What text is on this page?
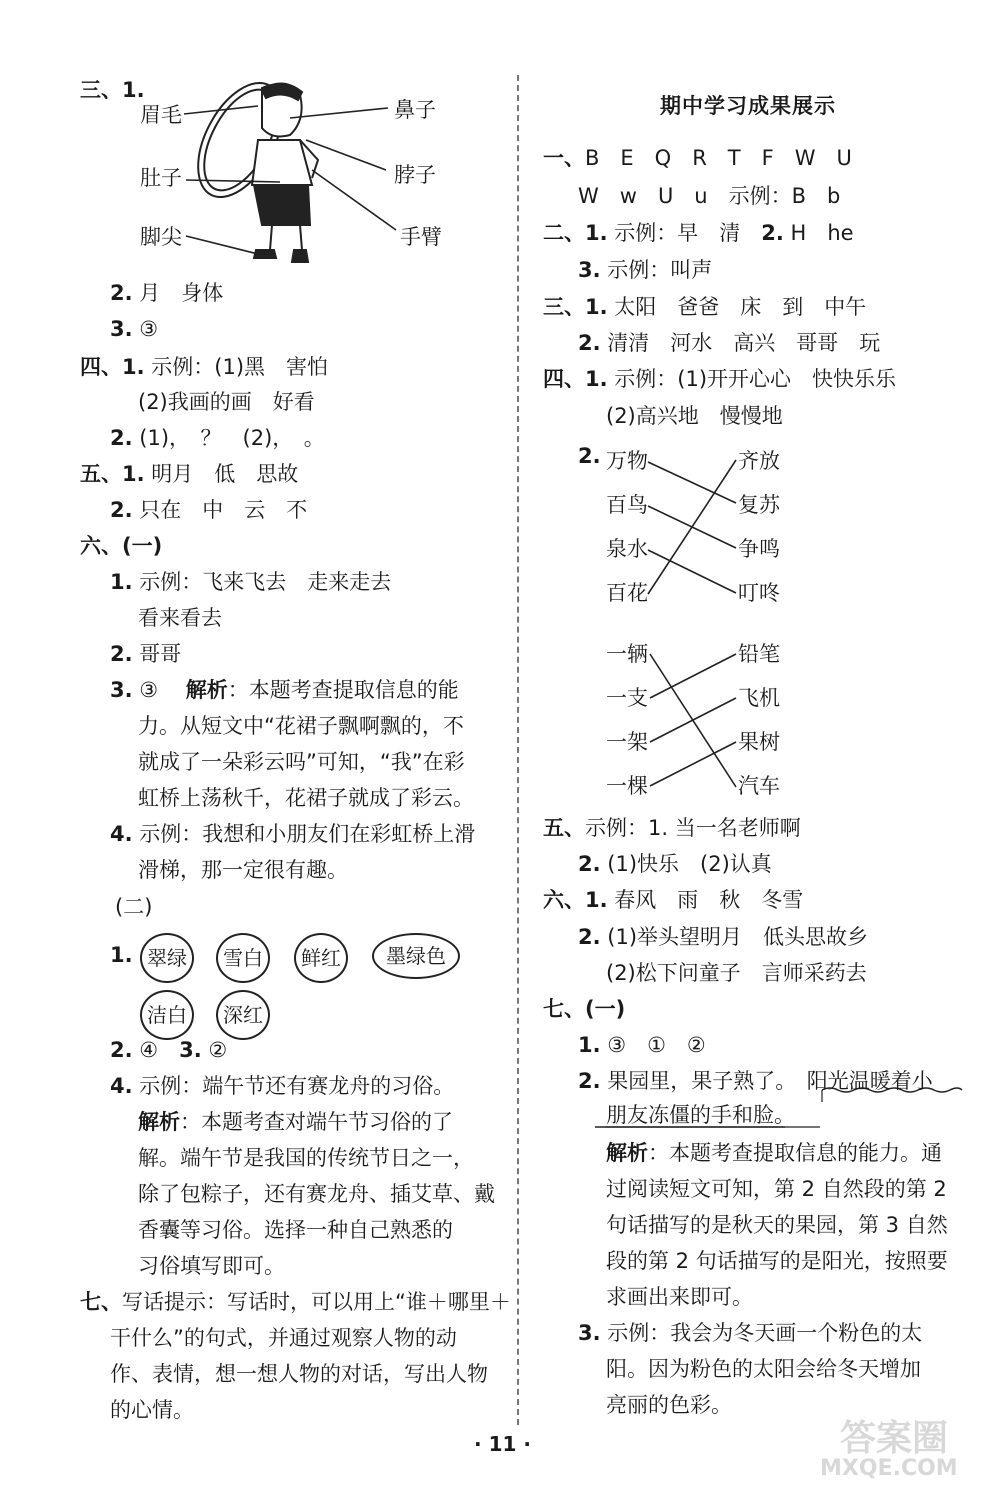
三、1.
眉毛	鼻子
肚子	脖子
脚尖	手臂
2. 月　身体
3. ③
四、1. 示例：(1)黑　害怕
(2)我画的画　好看
2. (1)，　？　(2)，　。
五、1. 明月　低　思故
2. 只在　中　云　不
六、(一)
1. 示例：飞来飞去　走来走去
看来看去
2. 哥哥
3. ③　 解析：本题考查提取信息的能
力。从短文中“花裙子飘啊飘的，不
就成了一朵彩云吗”可知，“我”在彩
虹桥上荡秋千，花裙子就成了彩云。
4. 示例：我想和小朋友们在彩虹桥上滑
滑梯，那一定很有趣。
(二)
1. 翠绿	雪白	鲜红	墨绿色
洁白	深红
2. ④　 3. ②
4. 示例：端午节还有赛龙舟的习俗。
解析：本题考查对端午节习俗的了
解。端午节是我国的传统节日之一，
除了包粽子，还有赛龙舟、插艾草、戴
香囊等习俗。选择一种自己熟悉的
习俗填写即可。
七、写话提示：写话时，可以用上“谁＋哪里＋
干什么”的句式，并通过观察人物的动
作、表情，想一想人物的对话，写出人物
的心情。
期中学习成果展示
一、B　E　Q　R　T　F　W　U
W　w　U　u　示例：B　b
二、1. 示例：早　清　2. H　he
3. 示例：叫声
三、1. 太阳　爸爸　床　到　中午
2. 清清　河水　高兴　哥哥　玩
四、1. 示例：(1)开开心心　快快乐乐
(2)高兴地　慢慢地
2. 万物
百鸟
泉水
百花
齐放
复苏
争鸣
叮咚
一辆
一支
一架
一棵
铅笔
飞机
果树
汽车
五、示例：1. 当一名老师啊
2. (1)快乐　(2)认真
六、1. 春风　雨　秋　冬雪
2. (1)举头望明月　低头思故乡
(2)松下问童子　言师采药去
七、(一)
1. ③　①　②
2. 果园里，果子熟了。　 阳光温暖着小
朋友冻僵的手和脸。
解析：本题考查提取信息的能力。通
过阅读短文可知，第 2 自然段的第 2
句话描写的是秋天的果园，第 3 自然
段的第 2 句话描写的是阳光，按照要
求画出来即可。
3. 示例：我会为冬天画一个粉色的太
阳。因为粉色的太阳会给冬天增加
亮丽的色彩。
· 11 ·	答案圈
MXQE.COM
